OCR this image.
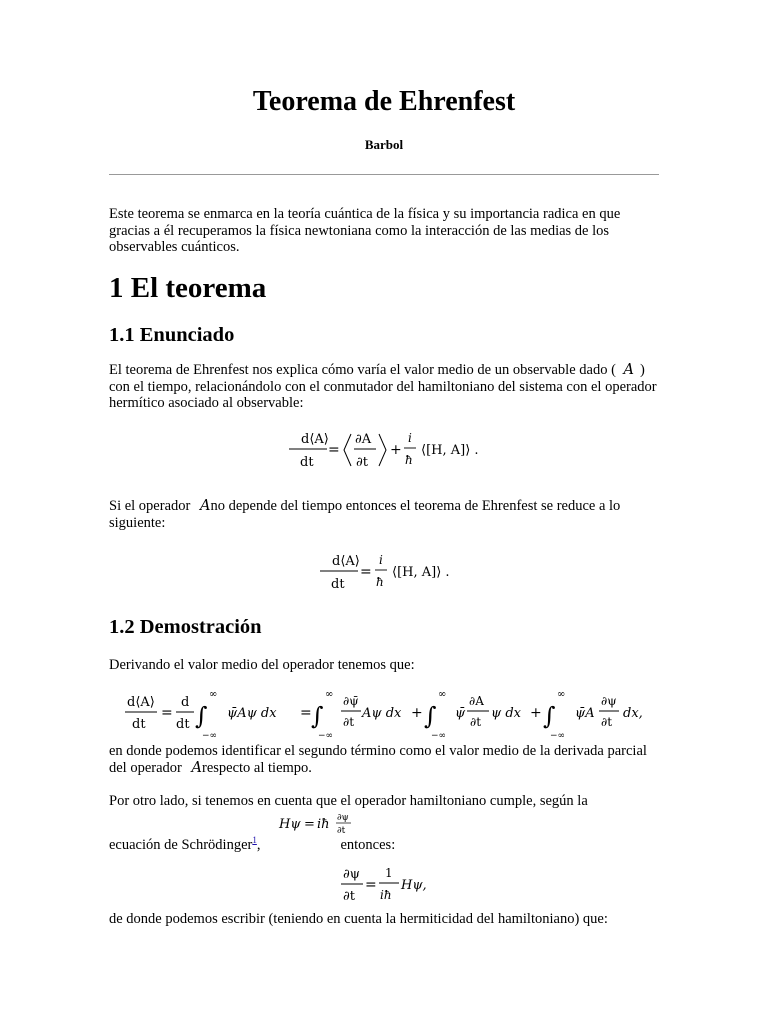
Teorema de Ehrenfest
Barbol

Este teorema se enmarca en la teoría cuántica de la física y su importancia radica en que gracias a él recuperamos la física newtoniana como la interacción de las medias de los observables cuánticos.

1 El teorema
1.1 Enunciado

El teorema de Ehrenfest nos explica cómo varía el valor medio de un observable dado ( A ) con el tiempo, relacionándolo con el conmutador del hamiltoniano del sistema con el operador hermítico asociado al observable:

d⟨A⟩
dt
=
∂A
∂t
+
i
ħ
⟨[H, A]⟩ .

Si el operador Ano depende del tiempo entonces el teorema de Ehrenfest se reduce a lo siguiente:

d⟨A⟩
dt
=
i
ħ
⟨[H, A]⟩ .
1.2 Demostración

Derivando el valor medio del operador tenemos que:

d⟨A⟩
dt
=
d
dt ∫
∞
−∞
ψ̄Aψ dx = ∫
∞
−∞
∂ψ̄
∂t
Aψ dx + ∫
∞
−∞
ψ̄
∂A
∂t
ψ dx + ∫
∞
−∞
ψ̄A
∂ψ
∂t
dx,

en donde podemos identificar el segundo término como el valor medio de la derivada parcial del operador Arespecto al tiempo.

Por otro lado, si tenemos en cuenta que el operador hamiltoniano cumple, según la

Hψ = iħ ∂ψ
∂t

ecuación de Schrödinger$^1$,	entonces:

∂ψ
∂t
=
1
iħ
Hψ,

de donde podemos escribir (teniendo en cuenta la hermiticidad del hamiltoniano) que:
